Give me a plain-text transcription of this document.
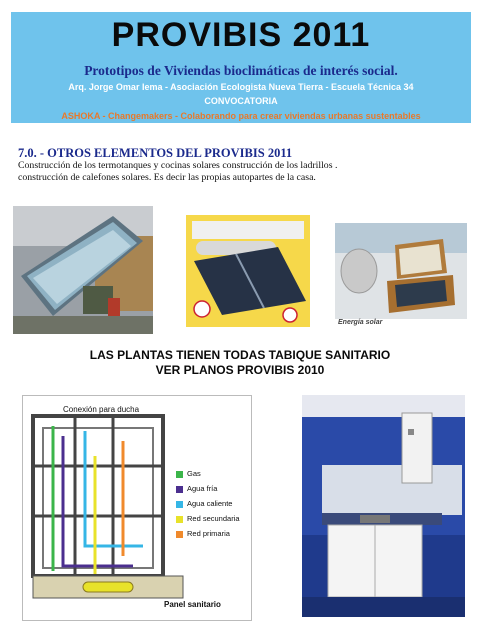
PROVIBIS 2011
Prototipos de Viviendas bioclimáticas de interés social.
Arq. Jorge Omar Iema - Asociación Ecologista Nueva Tierra - Escuela Técnica 34
CONVOCATORIA
ASHOKA - Changemakers - Colaborando para crear viviendas urbanas sustentables
7.0. - OTROS ELEMENTOS DEL PROVIBIS 2011
Construcción de los termotanques y cocinas solares construcción de los ladrillos .
construcción de calefones solares. Es decir las propias autopartes de la casa.
Energía solar
LAS PLANTAS TIENEN TODAS TABIQUE SANITARIO
VER PLANOS PROVIBIS 2010
Conexión para ducha
Gas
Agua fría
Agua caliente
Red secundaria
Red primaria
Panel sanitario
